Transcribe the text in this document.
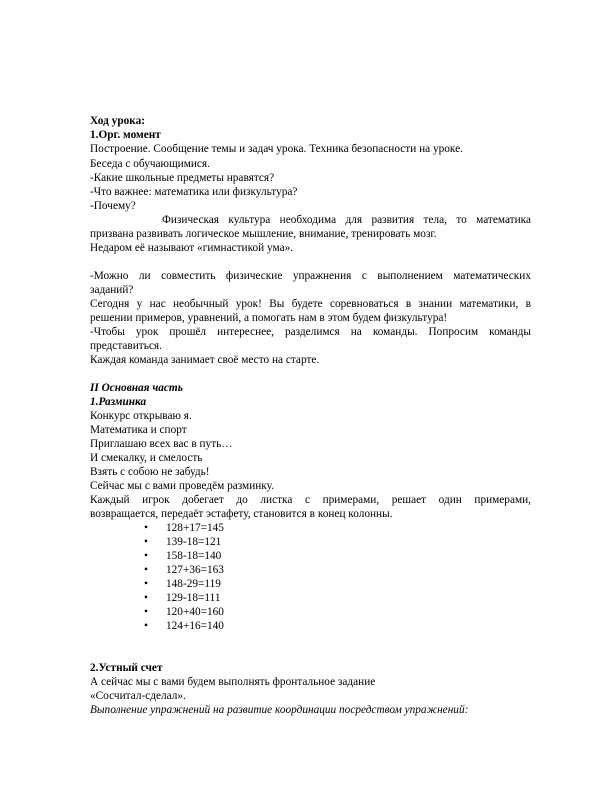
Ход урока:
1.Орг. момент
Построение. Сообщение темы и задач урока. Техника безопасности на уроке.
Беседа с обучающимися.
-Какие школьные предметы нравятся?
-Что важнее: математика или физкультура?
-Почему?
Физическая культура необходима для развития тела, то математика
призвана развивать логическое мышление, внимание, тренировать мозг.
Недаром её называют «гимнастикой ума».
-Можно ли совместить физические упражнения с выполнением математических
заданий?
Сегодня у нас необычный урок! Вы будете соревноваться в знании математики, в
решении примеров, уравнений, а помогать нам в этом будем физкультура!
-Чтобы урок прошёл интереснее, разделимся на команды. Попросим команды
представиться.
Каждая команда занимает своё место на старте.
II Основная часть
1.Разминка
Конкурс открываю я.
Математика и спорт
Приглашаю всех вас в путь…
И смекалку, и смелость
Взять с собою не забудь!
Сейчас мы с вами проведём разминку.
Каждый игрок добегает до листка с примерами, решает один примерами,
возвращается, передаёт эстафету, становится в конец колонны.
• 128+17=145
• 139-18=121
• 158-18=140
• 127+36=163
• 148-29=119
• 129-18=111
• 120+40=160
• 124+16=140
2.Устный счет
А сейчас мы с вами будем выполнять фронтальное задание
«Сосчитал-сделал».
Выполнение упражнений на развитие координации посредством упражнений:
